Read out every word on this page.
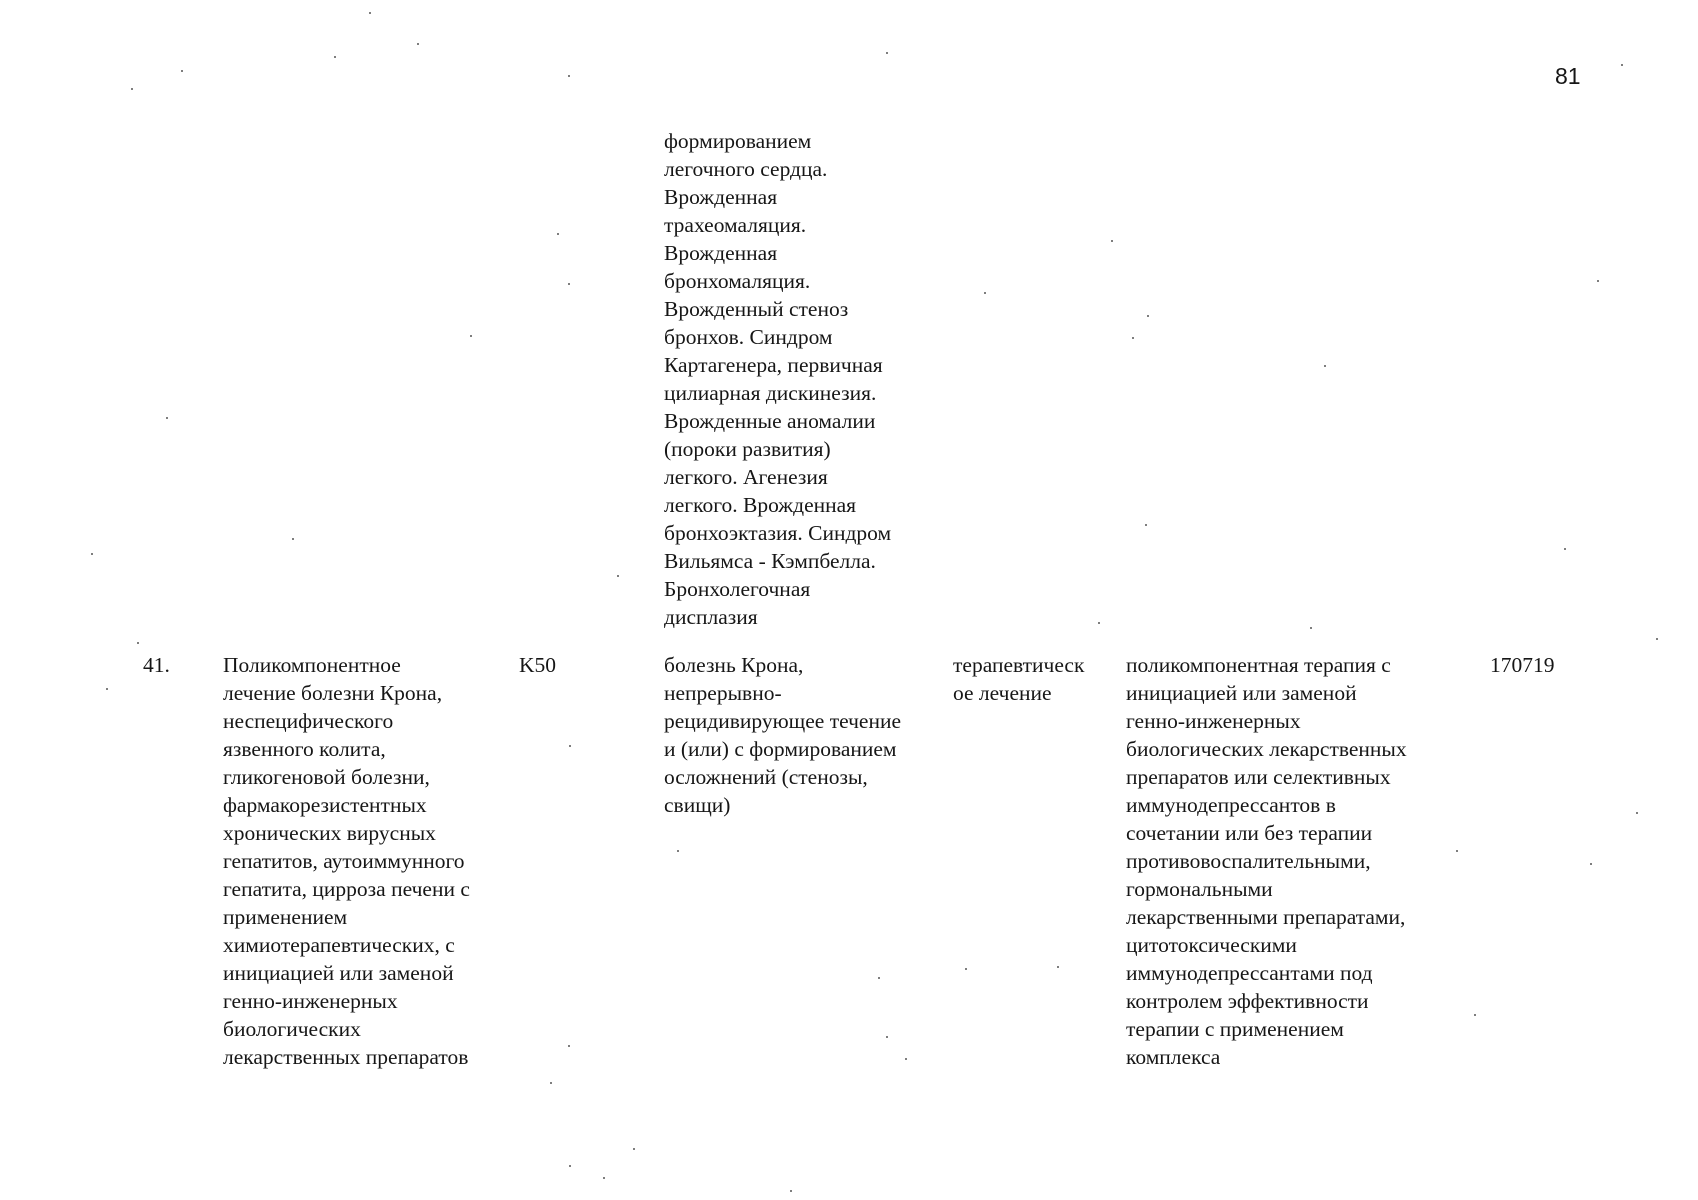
81
формированием
легочного сердца.
Врожденная
трахеомаляция.
Врожденная
бронхомаляция.
Врожденный стеноз
бронхов. Синдром
Картагенера, первичная
цилиарная дискинезия.
Врожденные аномалии
(пороки развития)
легкого. Агенезия
легкого. Врожденная
бронхоэктазия. Синдром
Вильямса - Кэмпбелла.
Бронхолегочная
дисплазия
41. Поликомпонентное
лечение болезни Крона,
неспецифического
язвенного колита,
гликогеновой болезни,
фармакорезистентных
хронических вирусных
гепатитов, аутоиммунного
гепатита, цирроза печени с
применением
химиотерапевтических, с
инициацией или заменой
генно-инженерных
биологических
лекарственных препаратов
K50	болезнь Крона,
непрерывно-
рецидивирующее течение
и (или) с формированием
осложнений (стенозы,
свищи)
терапевтическ
ое лечение
поликомпонентная терапия с
инициацией или заменой
генно-инженерных
биологических лекарственных
препаратов или селективных
иммунодепрессантов в
сочетании или без терапии
противовоспалительными,
гормональными
лекарственными препаратами,
цитотоксическими
иммунодепрессантами под
контролем эффективности
терапии с применением
комплекса
170719
